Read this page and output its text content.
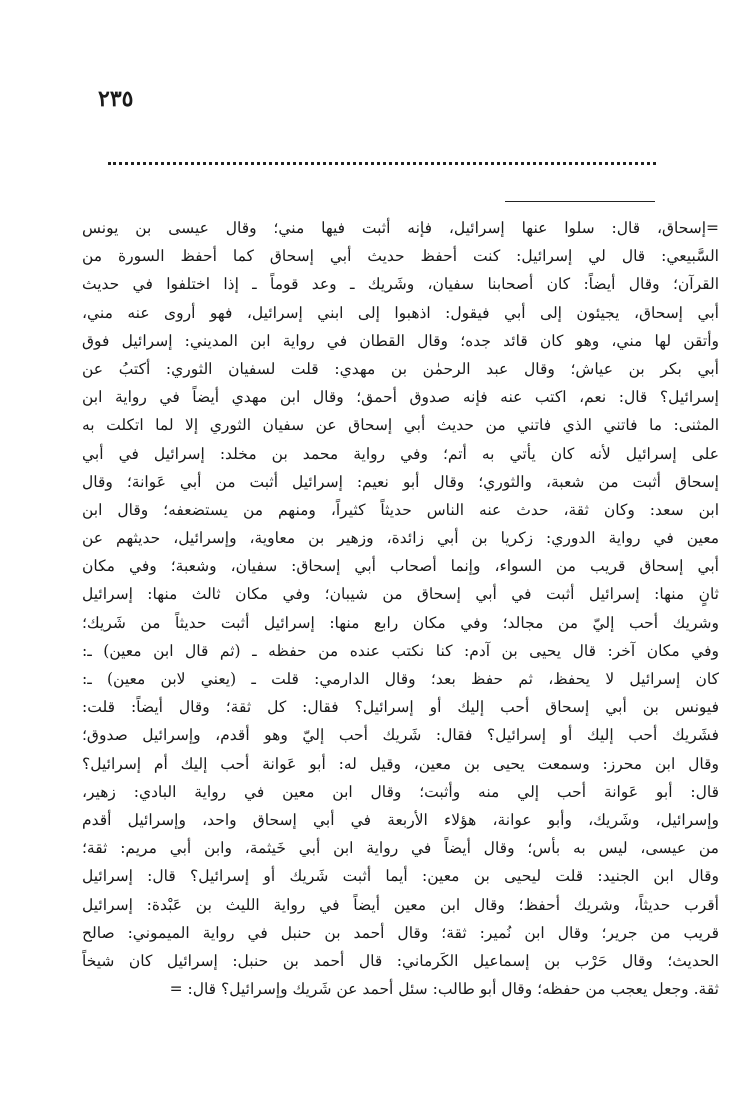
٢٣٥
=إسحاق، قال: سلوا عنها إسرائيل، فإنه أثبت فيها مني؛ وقال عيسى بن يونس
السَّبيعي: قال لي إسرائيل: كنت أحفظ حديث أبي إسحاق كما أحفظ السورة من
القرآن؛ وقال أيضاً: كان أصحابنا سفيان، وشَريك ـ وعد قوماً ـ إذا اختلفوا في حديث
أبي إسحاق، يجيئون إلى أبي فيقول: اذهبوا إلى ابني إسرائيل، فهو أروى عنه مني،
وأتقن لها مني، وهو كان قائد جده؛ وقال القطان في رواية ابن المديني: إسرائيل فوق
أبي بكر بن عياش؛ وقال عبد الرحمٰن بن مهدي: قلت لسفيان الثوري: أكتبُ عن
إسرائيل؟ قال: نعم، اكتب عنه فإنه صدوق أحمق؛ وقال ابن مهدي أيضاً في رواية ابن
المثنى: ما فاتني الذي فاتني من حديث أبي إسحاق عن سفيان الثوري إلا لما اتكلت به
على إسرائيل لأنه كان يأتي به أتم؛ وفي رواية محمد بن مخلد: إسرائيل في أبي
إسحاق أثبت من شعبة، والثوري؛ وقال أبو نعيم: إسرائيل أثبت من أبي عَوانة؛ وقال
ابن سعد: وكان ثقة، حدث عنه الناس حديثاً كثيراً، ومنهم من يستضعفه؛ وقال ابن
معين في رواية الدوري: زكريا بن أبي زائدة، وزهير بن معاوية، وإسرائيل، حديثهم عن
أبي إسحاق قريب من السواء، وإنما أصحاب أبي إسحاق: سفيان، وشعبة؛ وفي مكان
ثانٍ منها: إسرائيل أثبت في أبي إسحاق من شيبان؛ وفي مكان ثالث منها: إسرائيل
وشريك أحب إليّ من مجالد؛ وفي مكان رابع منها: إسرائيل أثبت حديثاً من شَريك؛
وفي مكان آخر: قال يحيى بن آدم: كنا نكتب عنده من حفظه ـ (ثم قال ابن معين) ـ:
كان إسرائيل لا يحفظ، ثم حفظ بعد؛ وقال الدارمي: قلت ـ (يعني لابن معين) ـ:
فيونس بن أبي إسحاق أحب إليك أو إسرائيل؟ فقال: كل ثقة؛ وقال أيضاً: قلت:
فشَريك أحب إليك أو إسرائيل؟ فقال: شَريك أحب إليّ وهو أقدم، وإسرائيل صدوق؛
وقال ابن محرز: وسمعت يحيى بن معين، وقيل له: أبو عَوانة أحب إليك أم إسرائيل؟
قال: أبو عَوانة أحب إلي منه وأثبت؛ وقال ابن معين في رواية البادي: زهير،
وإسرائيل، وشَريك، وأبو عوانة، هؤلاء الأربعة في أبي إسحاق واحد، وإسرائيل أقدم
من عيسى، ليس به بأس؛ وقال أيضاً في رواية ابن أبي خَيثمة، وابن أبي مريم: ثقة؛
وقال ابن الجنيد: قلت ليحيى بن معين: أيما أثبت شَريك أو إسرائيل؟ قال: إسرائيل
أقرب حديثاً، وشريك أحفظ؛ وقال ابن معين أيضاً في رواية الليث بن عَبْدة: إسرائيل
قريب من جرير؛ وقال ابن نُمير: ثقة؛ وقال أحمد بن حنبل في رواية الميموني: صالح
الحديث؛ وقال حَرْب بن إسماعيل الكَرماني: قال أحمد بن حنبل: إسرائيل كان شيخاً
ثقة. وجعل يعجب من حفظه؛ وقال أبو طالب: سئل أحمد عن شَريك وإسرائيل؟ قال: =
